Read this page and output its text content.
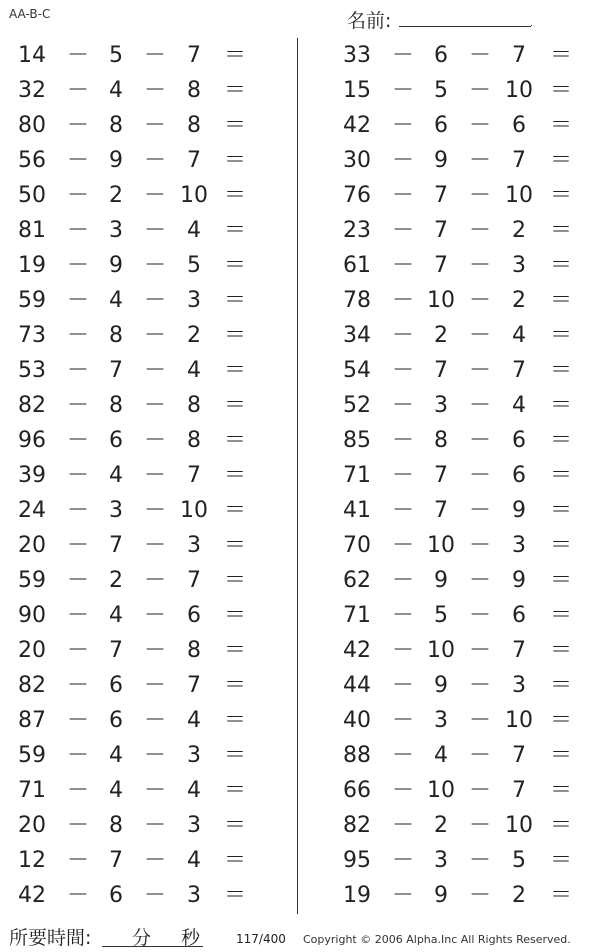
AA-B-C	名前:	.
14 － 5 － 7	＝
32 － 4 － 8	＝
80 － 8 － 8	＝
56 － 9 － 7	＝
50 － 2 － 10 ＝
81 － 3 － 4	＝
19 － 9 － 5	＝
59 － 4 － 3	＝
73 － 8 － 2	＝
53 － 7 － 4	＝
82 － 8 － 8	＝
96 － 6 － 8	＝
39 － 4 － 7	＝
24 － 3 － 10 ＝
20 － 7 － 3	＝
59 － 2 － 7	＝
90 － 4 － 6	＝
20 － 7 － 8	＝
82 － 6 － 7	＝
87 － 6 － 4	＝
59 － 4 － 3	＝
71 － 4 － 4	＝
20 － 8 － 3	＝
12 － 7 － 4	＝
42 － 6 － 3	＝
33 － 6 － 7	＝
15 － 5 － 10 ＝
42 － 6 － 6	＝
30 － 9 － 7	＝
76 － 7 － 10 ＝
23 － 7 － 2	＝
61 － 7 － 3	＝
78 － 10 － 2	＝
34 － 2 － 4	＝
54 － 7 － 7	＝
52 － 3 － 4	＝
85 － 8 － 6	＝
71 － 7 － 6	＝
41 － 7 － 9	＝
70 － 10 － 3	＝
62 － 9 － 9	＝
71 － 5 － 6	＝
42 － 10 － 7	＝
44 － 9 － 3	＝
40 － 3 － 10 ＝
88 － 4 － 7	＝
66 － 10 － 7	＝
82 － 2 － 10 ＝
95 － 3 － 5	＝
19 － 9 － 2	＝
所要時間: 分 秒	117/400 Copyright © 2006 Alpha.Inc All Rights Reserved.
